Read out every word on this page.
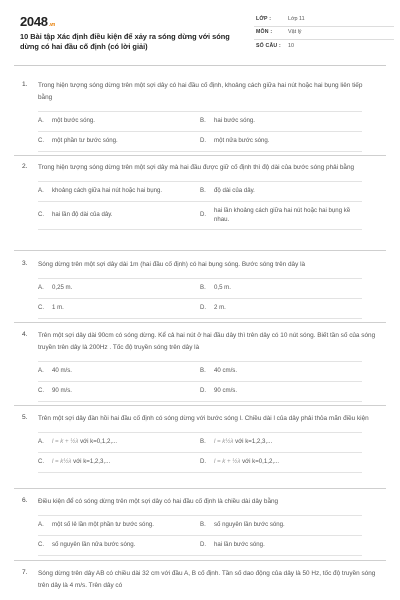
2048.vn
10 Bài tập Xác định điều kiện để xảy ra sóng dừng với sóng dừng có hai đầu cố định (có lời giải)
LỚP :	Lớp 11
MÔN :	Vật lý
SỐ CÂU :	10
1. Trong hiện tượng sóng dừng trên một sợi dây có hai đầu cố định, khoảng cách giữa hai nút hoặc hai bụng liên tiếp bằng
A.	một bước sóng.	B.	hai bước sóng.
C.	một phần tư bước sóng.	D.	một nửa bước sóng.
2. Trong hiện tượng sóng dừng trên một sợi dây mà hai đầu được giữ cố định thì độ dài của bước sóng phải bằng
A.	khoảng cách giữa hai nút hoặc hai bụng.	B.	độ dài của dây.
C.	hai lần độ dài của dây.	D.
hai lần khoảng cách giữa hai nút hoặc hai bụng kề nhau.
3. Sóng dừng trên một sợi dây dài 1m (hai đầu cố định) có hai bụng sóng. Bước sóng trên dây là
A.	0,25 m.	B.	0,5 m.
C.	1 m.	D.	2 m.
4. Trên một sợi dây dài 90cm có sóng dừng. Kể cả hai nút ở hai đầu dây thì trên dây có 10 nút sóng. Biết tần số của sóng truyền trên dây là 200Hz . Tốc độ truyền sóng trên dây là
A.	40 m/s.	B.	40 cm/s.
C.	90 m/s.	D.	90 cm/s.
5. Trên một sợi dây đàn hồi hai đầu cố định có sóng dừng với bước sóng l. Chiều dài l của dây phải thỏa mãn điều kiện
A.	l = k + ½λ với k=0,1,2,...	B.	l = k½λ với k=1,2,3,...
C.	l = k½λ với k=1,2,3,...	D.	l = k + ½λ với k=0,1,2,...
6. Điều kiện để có sóng dừng trên một sợi dây có hai đầu cố định là chiều dài dây bằng
A.	một số lẻ lần một phần tư bước sóng.	B.	số nguyên lần bước sóng.
C.	số nguyên lần nửa bước sóng.	D.	hai lần bước sóng.
7. Sóng dừng trên dây AB có chiều dài 32 cm với đầu A, B cố định. Tần số dao động của dây là 50 Hz, tốc độ truyền sóng trên dây là 4 m/s. Trên dây có
